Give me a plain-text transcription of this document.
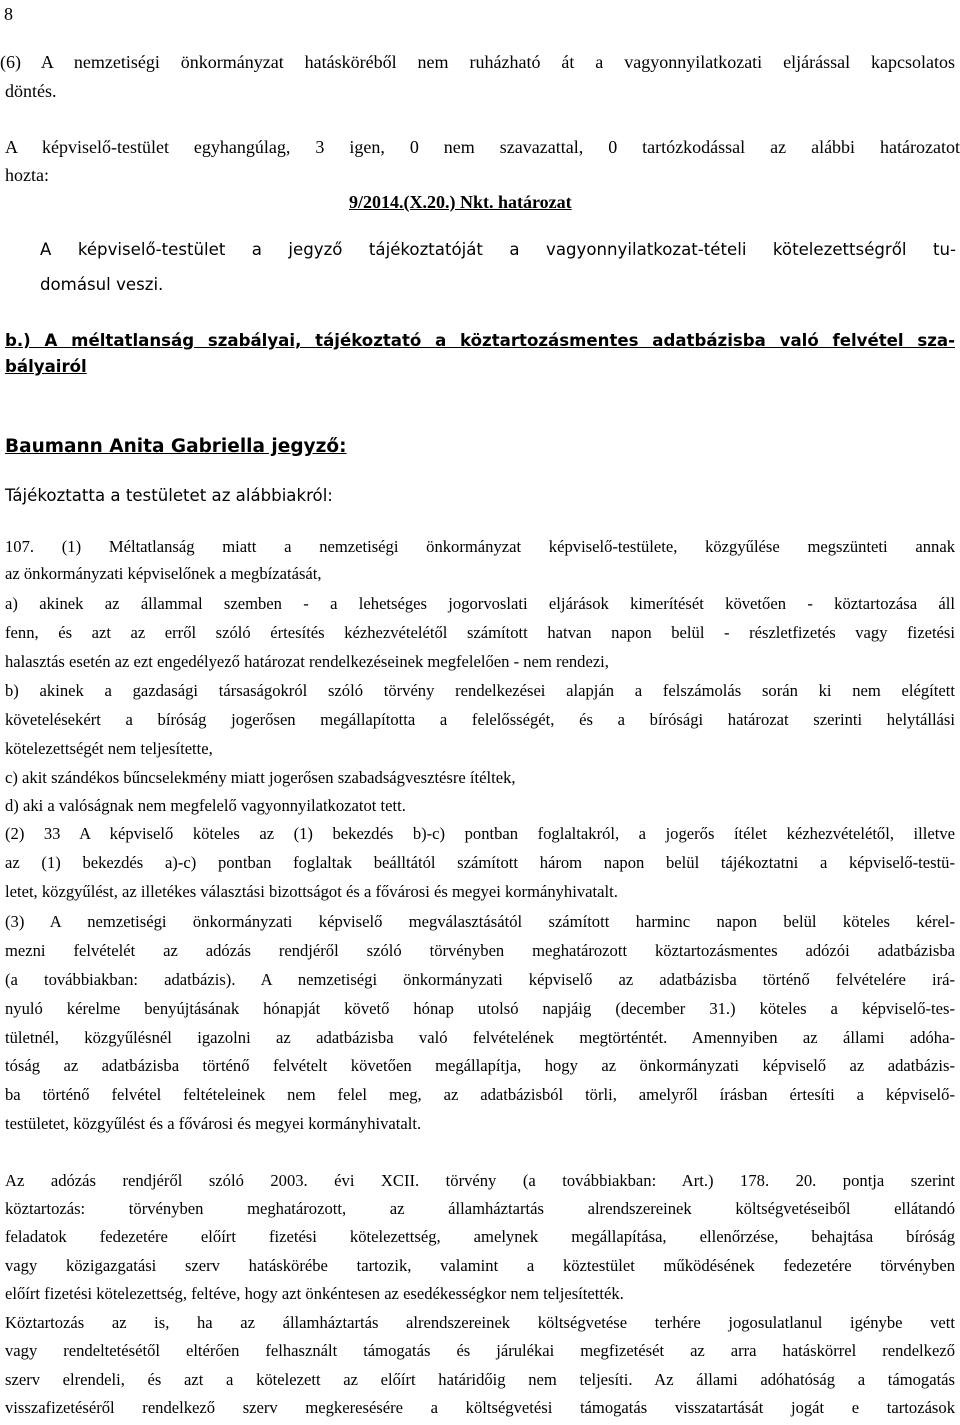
8

(6) A nemzetiségi önkormányzat hatásköréből nem ruházható át a vagyonnyilatkozati eljárással kapcsolatos

döntés.

A képviselő-testület egyhangúlag, 3 igen, 0 nem szavazattal, 0 tartózkodással az alábbi határozatot

hozta:

9/2014.(X.20.) Nkt. határozat

A képviselő-testület a jegyző tájékoztatóját a vagyonnyilatkozat-tételi kötelezettségről tu-

domásul veszi.

b.) A méltatlanság szabályai, tájékoztató a köztartozásmentes adatbázisba való felvétel sza-

bályairól

Baumann Anita Gabriella jegyző:

Tájékoztatta a testületet az alábbiakról:

107. (1) Méltatlanság miatt a nemzetiségi önkormányzat képviselő-testülete, közgyűlése megszünteti annak

az önkormányzati képviselőnek a megbízatását,

a) akinek az állammal szemben - a lehetséges jogorvoslati eljárások kimerítését követően - köztartozása áll

fenn, és azt az erről szóló értesítés kézhezvételétől számított hatvan napon belül - részletfizetés vagy fizetési

halasztás esetén az ezt engedélyező határozat rendelkezéseinek megfelelően - nem rendezi,

b) akinek a gazdasági társaságokról szóló törvény rendelkezései alapján a felszámolás során ki nem elégített

követelésekért a bíróság jogerősen megállapította a felelősségét, és a bírósági határozat szerinti helytállási

kötelezettségét nem teljesítette,

c) akit szándékos bűncselekmény miatt jogerősen szabadságvesztésre ítéltek,

d) aki a valóságnak nem megfelelő vagyonnyilatkozatot tett.

(2) 33 A képviselő köteles az (1) bekezdés b)-c) pontban foglaltakról, a jogerős ítélet kézhezvételétől, illetve

az (1) bekezdés a)-c) pontban foglaltak beálltától számított három napon belül tájékoztatni a képviselő-testü-

letet, közgyűlést, az illetékes választási bizottságot és a fővárosi és megyei kormányhivatalt.

(3) A nemzetiségi önkormányzati képviselő megválasztásától számított harminc napon belül köteles kérel-

mezni felvételét az adózás rendjéről szóló törvényben meghatározott köztartozásmentes adózói adatbázisba

(a továbbiakban: adatbázis). A nemzetiségi önkormányzati képviselő az adatbázisba történő felvételére irá-

nyuló kérelme benyújtásának hónapját követő hónap utolsó napjáig (december 31.) köteles a képviselő-tes-

tületnél, közgyűlésnél igazolni az adatbázisba való felvételének megtörténtét. Amennyiben az állami adóha-

tóság az adatbázisba történő felvételt követően megállapítja, hogy az önkormányzati képviselő az adatbázis-

ba történő felvétel feltételeinek nem felel meg, az adatbázisból törli, amelyről írásban értesíti a képviselő-

testületet, közgyűlést és a fővárosi és megyei kormányhivatalt.

Az adózás rendjéről szóló 2003. évi XCII. törvény (a továbbiakban: Art.) 178. 20. pontja szerint

köztartozás: törvényben meghatározott, az államháztartás alrendszereinek költségvetéseiből ellátandó

feladatok fedezetére előírt fizetési kötelezettség, amelynek megállapítása, ellenőrzése, behajtása bíróság

vagy közigazgatási szerv hatáskörébe tartozik, valamint a köztestület működésének fedezetére törvényben

előírt fizetési kötelezettség, feltéve, hogy azt önkéntesen az esedékességkor nem teljesítették.

Köztartozás az is, ha az államháztartás alrendszereinek költségvetése terhére jogosulatlanul igénybe vett

vagy rendeltetésétől eltérően felhasznált támogatás és járulékai megfizetését az arra hatáskörrel rendelkező

szerv elrendeli, és azt a kötelezett az előírt határidőig nem teljesíti. Az állami adóhatóság a támogatás

visszafizetéséről rendelkező szerv megkeresésére a költségvetési támogatás visszatartását jogát e tartozások
